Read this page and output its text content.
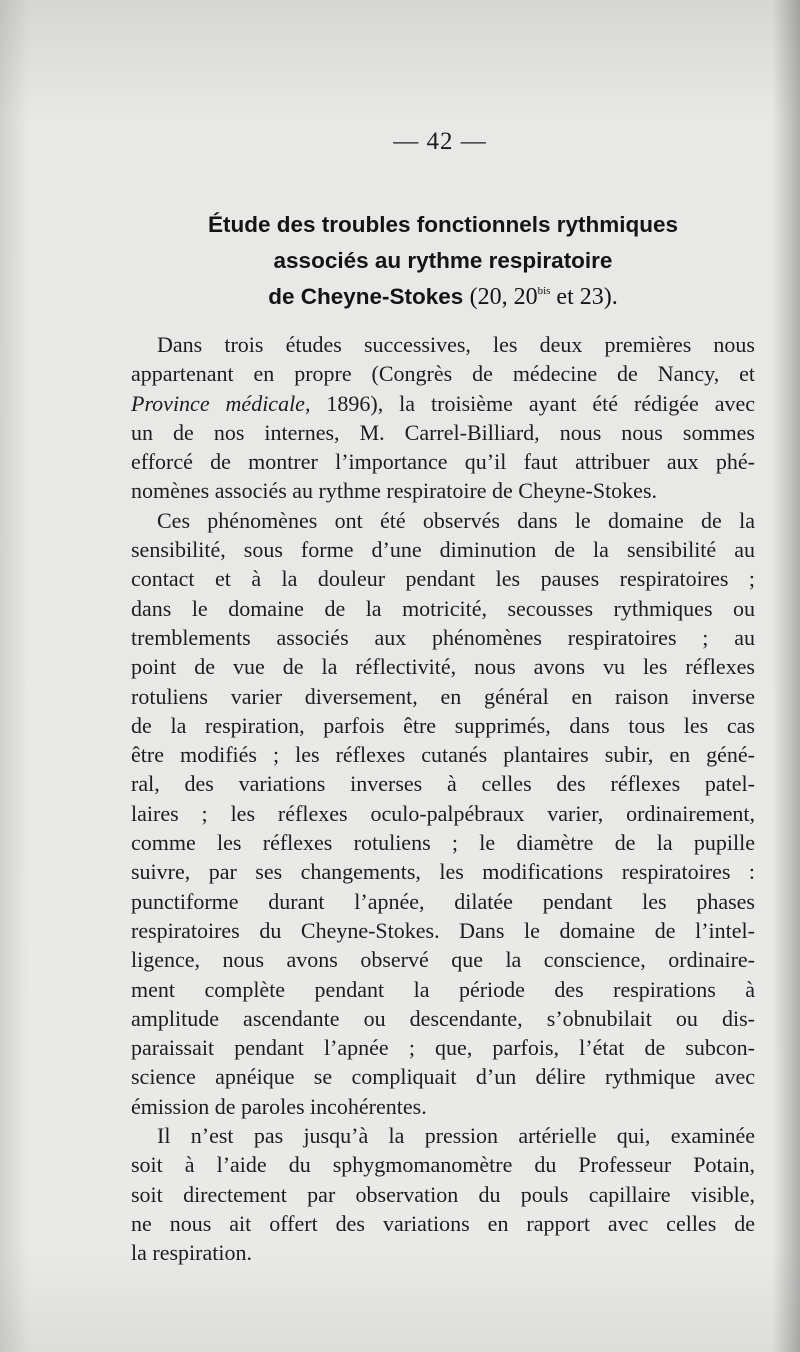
— 42 —
Étude des troubles fonctionnels rythmiques
associés au rythme respiratoire
de Cheyne-Stokes (20, $20^{bis}$ et 23).
Dans trois études successives, les deux premières nous
appartenant en propre (Congrès de médecine de Nancy, et
Province médicale, 1896), la troisième ayant été rédigée avec
un de nos internes, M. Carrel-Billiard, nous nous sommes
efforcé de montrer l’importance qu’il faut attribuer aux phé-
nomènes associés au rythme respiratoire de Cheyne-Stokes.
Ces phénomènes ont été observés dans le domaine de la
sensibilité, sous forme d’une diminution de la sensibilité au
contact et à la douleur pendant les pauses respiratoires ;
dans le domaine de la motricité, secousses rythmiques ou
tremblements associés aux phénomènes respiratoires ; au
point de vue de la réflectivité, nous avons vu les réflexes
rotuliens varier diversement, en général en raison inverse
de la respiration, parfois être supprimés, dans tous les cas
être modifiés ; les réflexes cutanés plantaires subir, en géné-
ral, des variations inverses à celles des réflexes patel-
laires ; les réflexes oculo-palpébraux varier, ordinairement,
comme les réflexes rotuliens ; le diamètre de la pupille
suivre, par ses changements, les modifications respiratoires :
punctiforme durant l’apnée, dilatée pendant les phases
respiratoires du Cheyne-Stokes. Dans le domaine de l’intel-
ligence, nous avons observé que la conscience, ordinaire-
ment complète pendant la période des respirations à
amplitude ascendante ou descendante, s’obnubilait ou dis-
paraissait pendant l’apnée ; que, parfois, l’état de subcon-
science apnéique se compliquait d’un délire rythmique avec
émission de paroles incohérentes.
Il n’est pas jusqu’à la pression artérielle qui, examinée
soit à l’aide du sphygmomanomètre du Professeur Potain,
soit directement par observation du pouls capillaire visible,
ne nous ait offert des variations en rapport avec celles de
la respiration.
